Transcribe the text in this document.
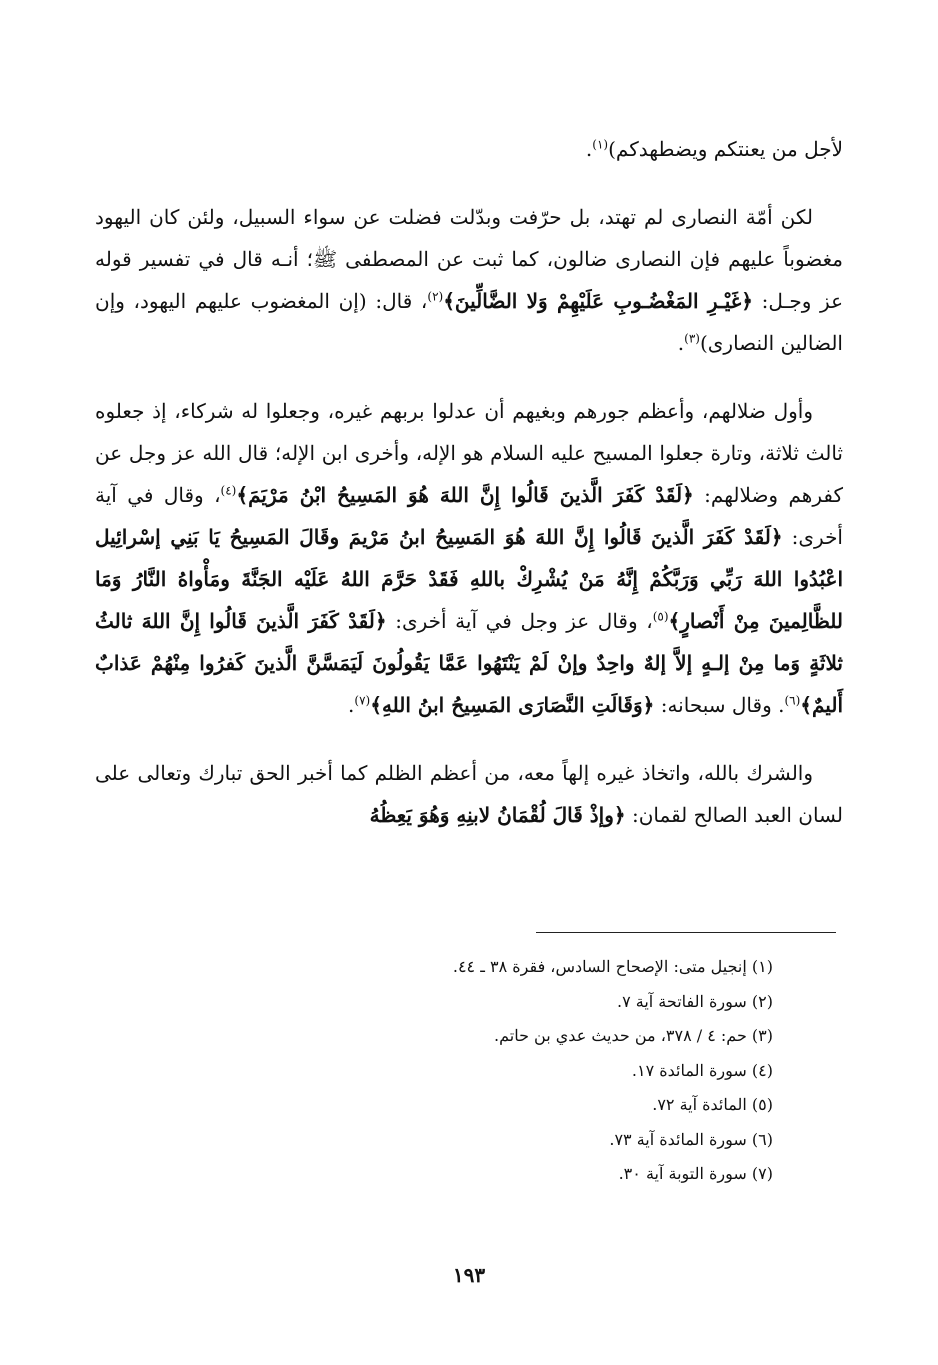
لأجل من يعنتكم ويضطهدكم)$^{(١)}$.

لكن أمّة النصارى لم تهتد، بل حرّفت وبدّلت فضلت عن سواء السبيل، ولئن كان اليهود مغضوباً عليهم فإن النصارى ضالون، كما ثبت عن المصطفى ﷺ؛ أنـه قال في تفسير قوله عز وجـل: ﴿غَيْـرِ المَغْضُـوبِ عَلَيْهِمْ وَلا الضَّالِّينَ﴾$^{(٢)}$، قال: (إن المغضوب عليهم اليهود، وإن الضالين النصارى)$^{(٣)}$.

وأول ضلالهم، وأعظم جورهم وبغيهم أن عدلوا بربهم غيره، وجعلوا له شركاء، إذ جعلوه ثالث ثلاثة، وتارة جعلوا المسيح عليه السلام هو الإله، وأخرى ابن الإله؛ قال الله عز وجل عن كفرهم وضلالهم: ﴿لَقَدْ كَفَرَ الَّذينَ قَالُوا إِنَّ اللهَ هُوَ المَسِيحُ ابْنُ مَرْيَمَ﴾$^{(٤)}$، وقال في آية أخرى: ﴿لَقَدْ كَفَرَ الَّذينَ قَالُوا إِنَّ اللهَ هُوَ المَسِيحُ ابنُ مَرْيمَ وقَالَ المَسِيحُ يَا بَنِي إسْرائِيل اعْبُدُوا اللهَ رَبِّي وَرَبَّكُمْ إِنَّهُ مَنْ يُشْرِكْ باللهِ فَقَدْ حَرَّمَ اللهُ عَلَيْه الجَنَّةَ ومَأْواهُ النَّارُ وَمَا للظَّالِمينَ مِنْ أَنْصارٍ﴾$^{(٥)}$، وقال عز وجل في آية أخرى: ﴿لَقَدْ كَفَرَ الَّذينَ قَالُوا إِنَّ اللهَ ثالثُ ثلاثَةٍ وَما مِنْ إلـهٍ إلاَّ إلهٌ واحِدٌ وإنْ لَمْ يَنْتَهُوا عَمَّا يَقُولُونَ لَيَمَسَّنَّ الَّذينَ كَفرُوا مِنْهُمْ عَذابٌ أَليمٌ﴾$^{(٦)}$. وقال سبحانه: ﴿وَقَالَتِ النَّصَارَى المَسِيحُ ابنُ اللهِ﴾$^{(٧)}$.

والشرك بالله، واتخاذ غيره إلهاً معه، من أعظم الظلم كما أخبر الحق تبارك وتعالى على لسان العبد الصالح لقمان: ﴿وإذْ قَالَ لُقْمَانُ لابنِهِ وَهُوَ يَعِظُهُ

(١) إنجيل متى: الإصحاح السادس، فقرة ٣٨ ـ ٤٤.
(٢) سورة الفاتحة آية ٧.
(٣) حم: ٤ / ٣٧٨، من حديث عدي بن حاتم.
(٤) سورة المائدة ١٧.
(٥) المائدة آية ٧٢.
(٦) سورة المائدة آية ٧٣.
(٧) سورة التوبة آية ٣٠.
١٩٣
